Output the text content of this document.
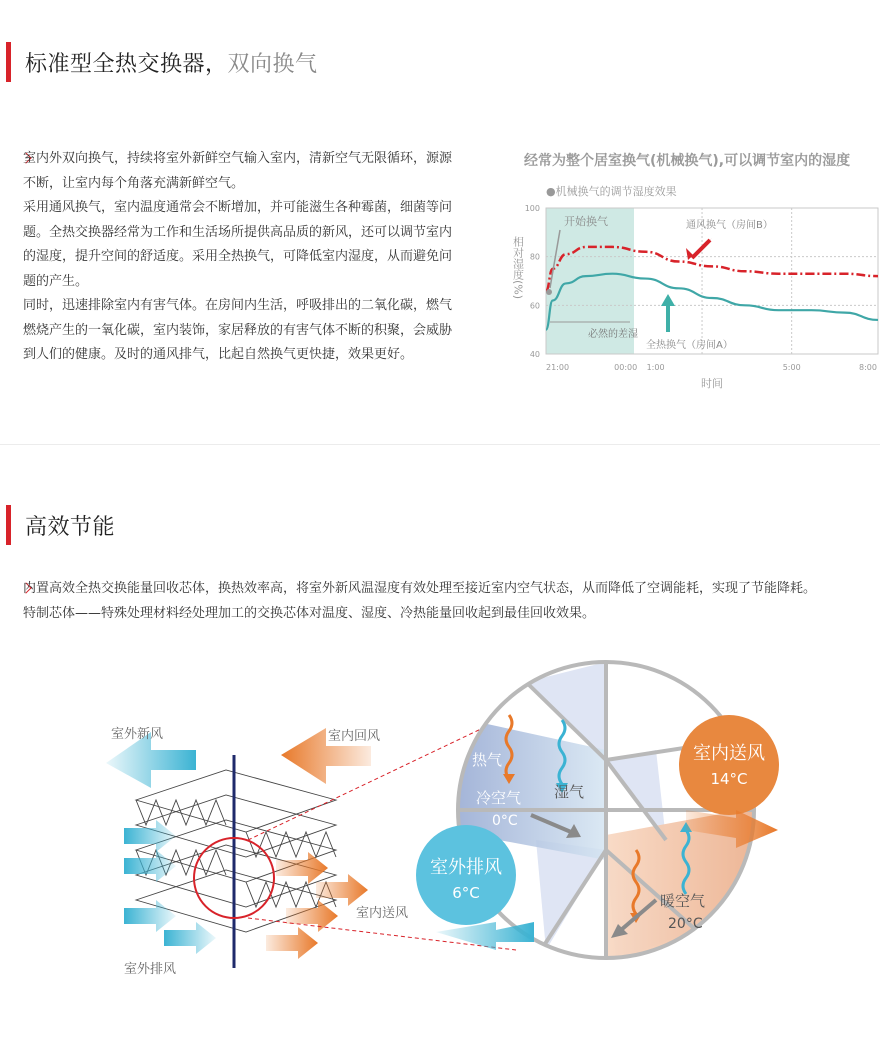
标准型全热交换器，双向换气

室内外双向换气，持续将室外新鲜空气输入室内，清新空气无限循环，源源不断，让室内每个角落充满新鲜空气。

采用通风换气，室内温度通常会不断增加，并可能滋生各种霉菌，细菌等问题。全热交换器经常为工作和生活场所提供高品质的新风，还可以调节室内的湿度，提升空间的舒适度。采用全热换气，可降低室内湿度，从而避免问题的产生。

同时，迅速排除室内有害气体。在房间内生活，呼吸排出的二氧化碳，燃气燃烧产生的一氧化碳，室内装饰，家居释放的有害气体不断的积聚，会威胁到人们的健康。及时的通风排气，比起自然换气更快捷，效果更好。

经常为整个居室换气(机械换气),可以调节室内的湿度
●机械换气的调节湿度效果
100
80
60
40
21:00	00:00 1:00	5:00	8:00
相对湿度(%)
时间
开始换气
必然的差湿
通风换气（房间B）
全热换气（房间A）
高效节能

内置高效全热交换能量回收芯体，换热效率高，将室外新风温湿度有效处理至接近室内空气状态，从而降低了空调能耗，实现了节能降耗。

特制芯体——特殊处理材料经处理加工的交换芯体对温度、湿度、冷热能量回收起到最佳回收效果。

室外新风	室内回风
室内送风
室外排风
热气
湿气
冷空气
0°C
暖空气
20°C
室内送风
14°C
室外排风
6°C
